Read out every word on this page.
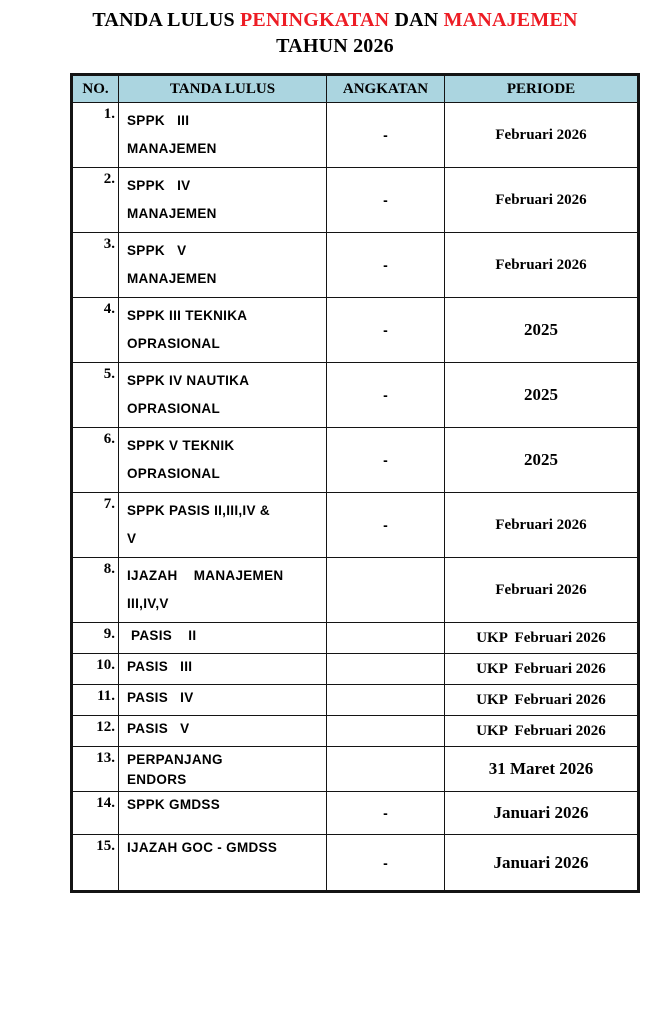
TANDA LULUS PENINGKATAN DAN MANAJEMEN
TAHUN 2026
NO.	TANDA LULUS	ANGKATAN	PERIODE
1.	SPPK   III
MANAJEMEN	-	Februari 2026
2.	SPPK   IV
MANAJEMEN	-	Februari 2026
3.	SPPK   V
MANAJEMEN	-	Februari 2026
4.	SPPK III TEKNIKA
OPRASIONAL	-	2025
5.	SPPK IV NAUTIKA
OPRASIONAL	-	2025
6.	SPPK V TEKNIK
OPRASIONAL	-	2025
7.	SPPK PASIS II,III,IV &
V	-	Februari 2026
8.	IJAZAH    MANAJEMEN
III,IV,V		Februari 2026
9.	PASIS    II		UKP  Februari 2026
10.	PASIS   III		UKP  Februari 2026
11.	PASIS   IV		UKP  Februari 2026
12.	PASIS   V		UKP  Februari 2026
13.	PERPANJANG
ENDORS		31 Maret 2026
14.	SPPK GMDSS	-	Januari 2026
15.	IJAZAH GOC - GMDSS	-	Januari 2026
